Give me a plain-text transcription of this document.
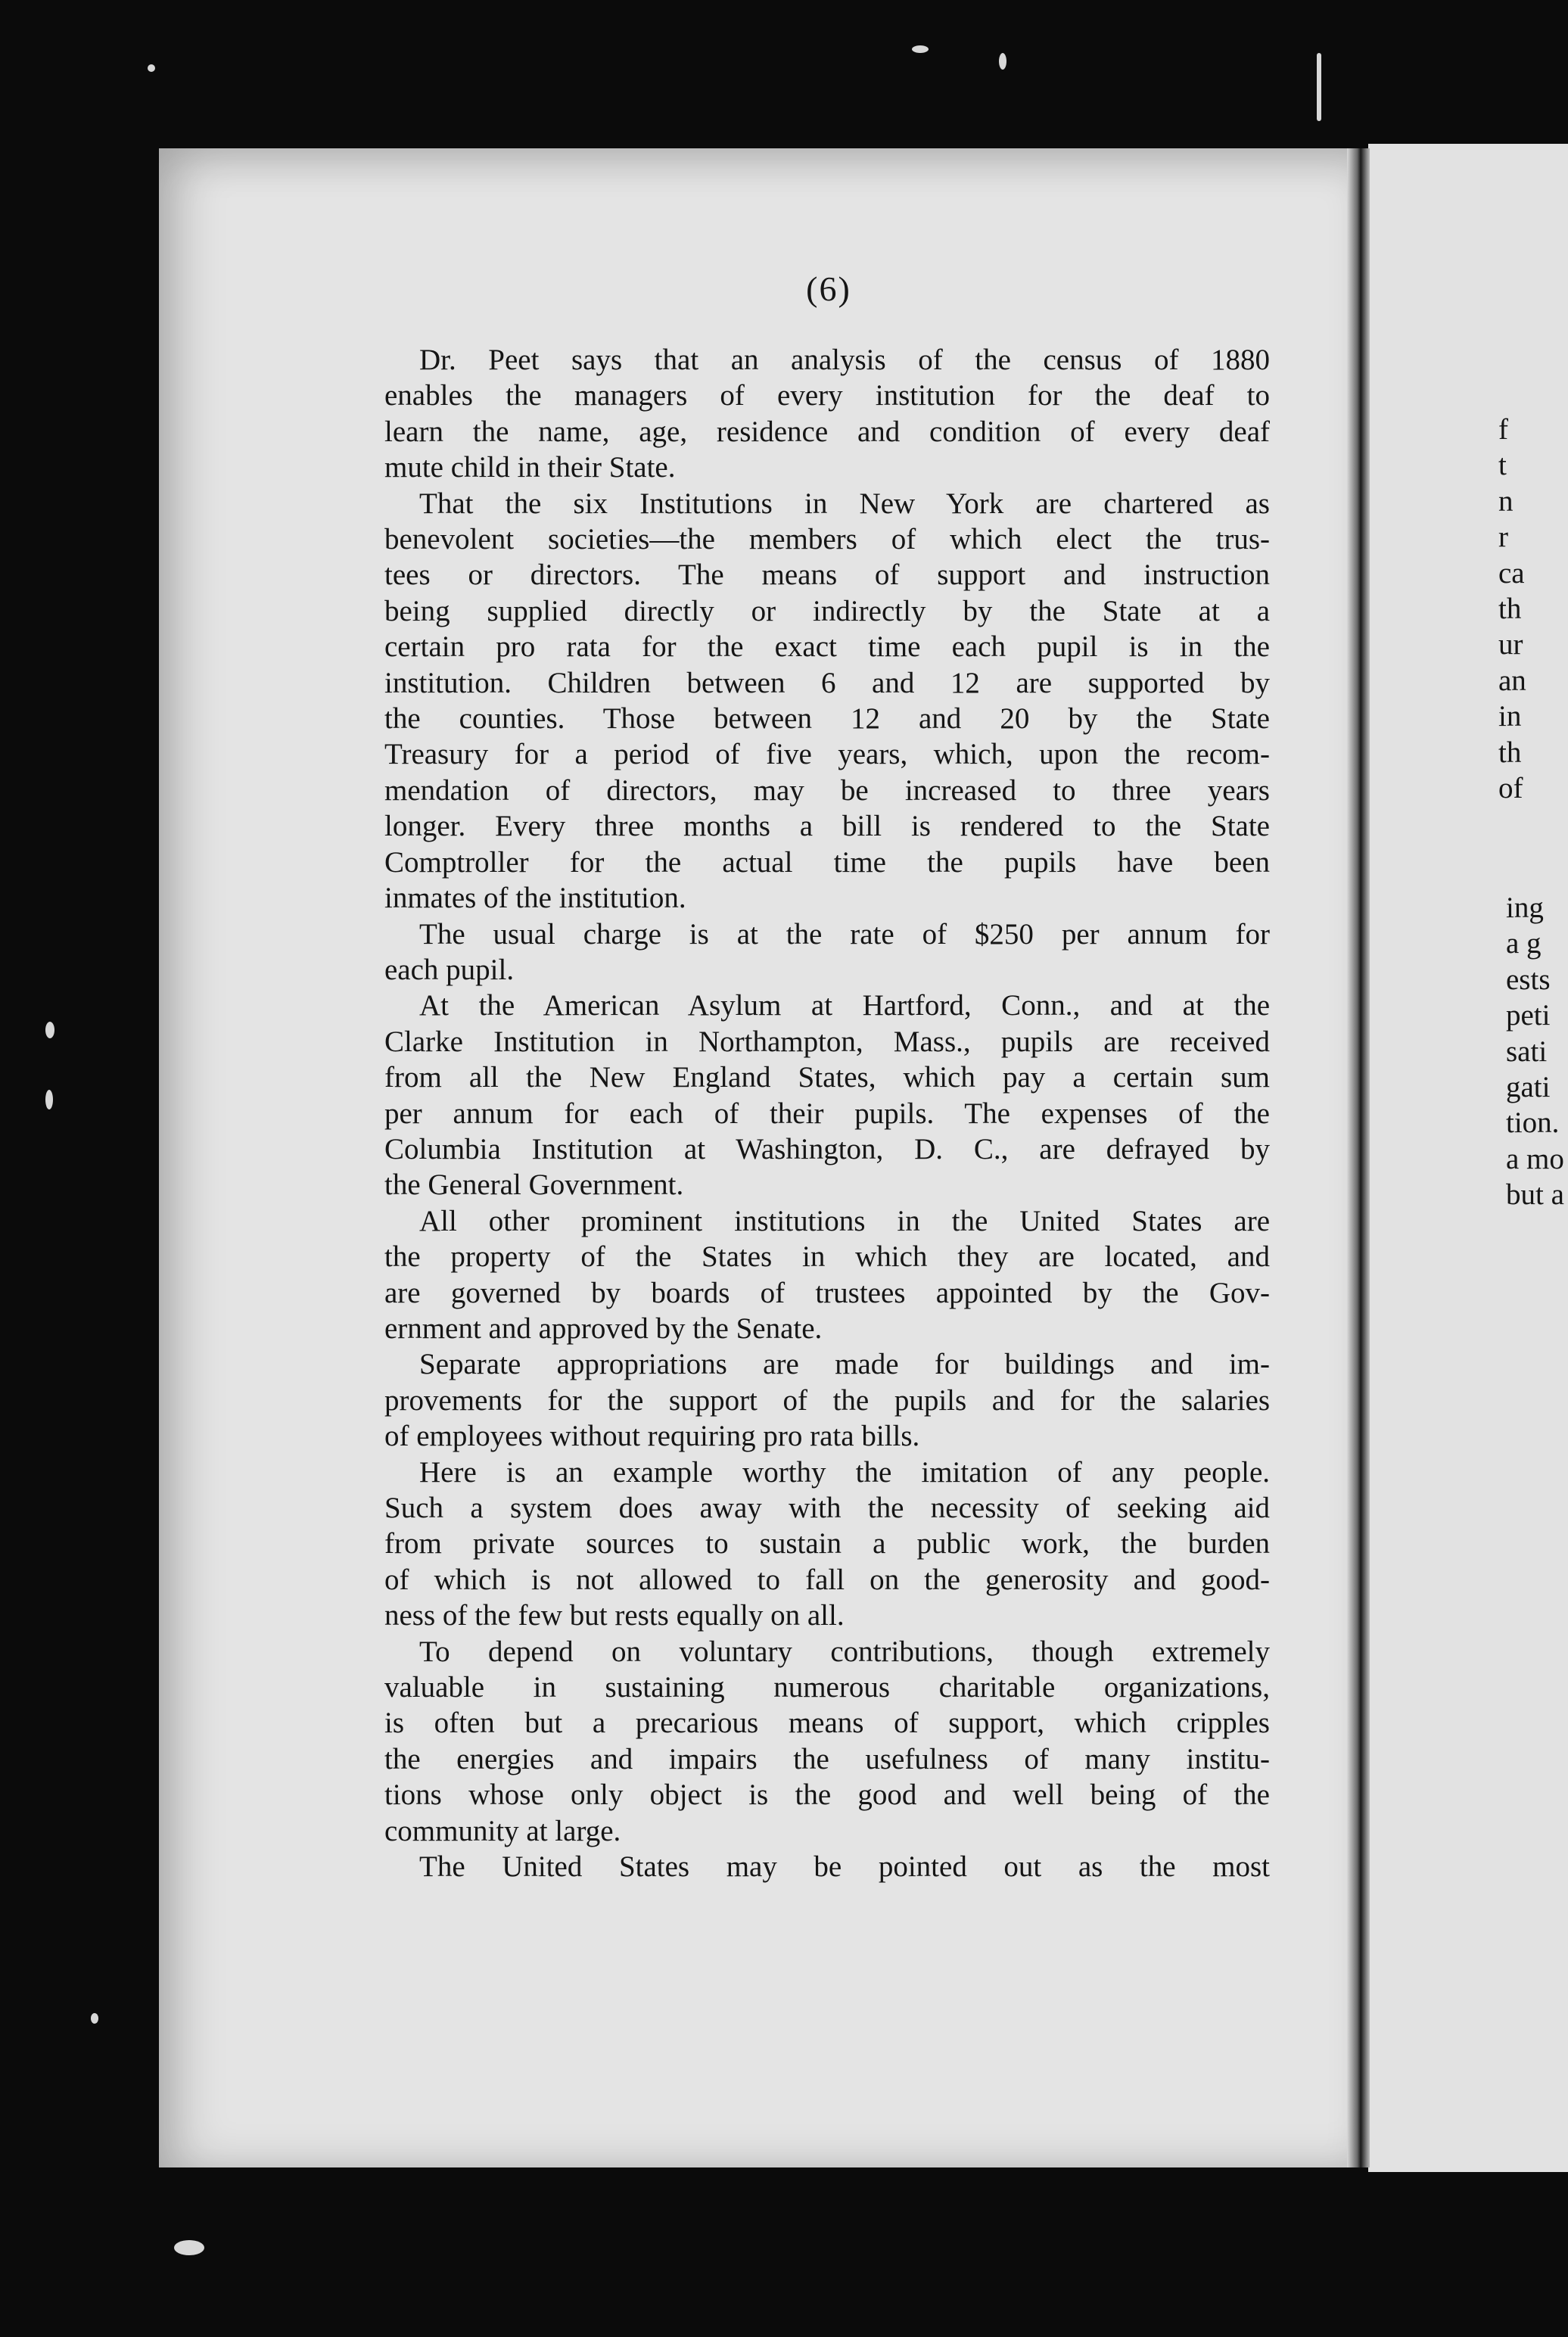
(6)
Dr. Peet says that an analysis of the census of 1880
enables the managers of every institution for the deaf to
learn the name, age, residence and condition of every deaf
mute child in their State.
That the six Institutions in New York are chartered as
benevolent societies—the members of which elect the trus-
tees or directors. The means of support and instruction
being supplied directly or indirectly by the State at a
certain pro rata for the exact time each pupil is in the
institution. Children between 6 and 12 are supported by
the counties. Those between 12 and 20 by the State
Treasury for a period of five years, which, upon the recom-
mendation of directors, may be increased to three years
longer. Every three months a bill is rendered to the State
Comptroller for the actual time the pupils have been
inmates of the institution.
The usual charge is at the rate of $250 per annum for
each pupil.
At the American Asylum at Hartford, Conn., and at the
Clarke Institution in Northampton, Mass., pupils are received
from all the New England States, which pay a certain sum
per annum for each of their pupils. The expenses of the
Columbia Institution at Washington, D. C., are defrayed by
the General Government.
All other prominent institutions in the United States are
the property of the States in which they are located, and
are governed by boards of trustees appointed by the Gov-
ernment and approved by the Senate.
Separate appropriations are made for buildings and im-
provements for the support of the pupils and for the salaries
of employees without requiring pro rata bills.
Here is an example worthy the imitation of any people.
Such a system does away with the necessity of seeking aid
from private sources to sustain a public work, the burden
of which is not allowed to fall on the generosity and good-
ness of the few but rests equally on all.
To depend on voluntary contributions, though extremely
valuable in sustaining numerous charitable organizations,
is often but a precarious means of support, which cripples
the energies and impairs the usefulness of many institu-
tions whose only object is the good and well being of the
community at large.
The United States may be pointed out as the most
f
t
n
r
ca
th
ur
an
in
th
of
ing
a g
ests
peti
sati
gati
tion.
a mo
but a
